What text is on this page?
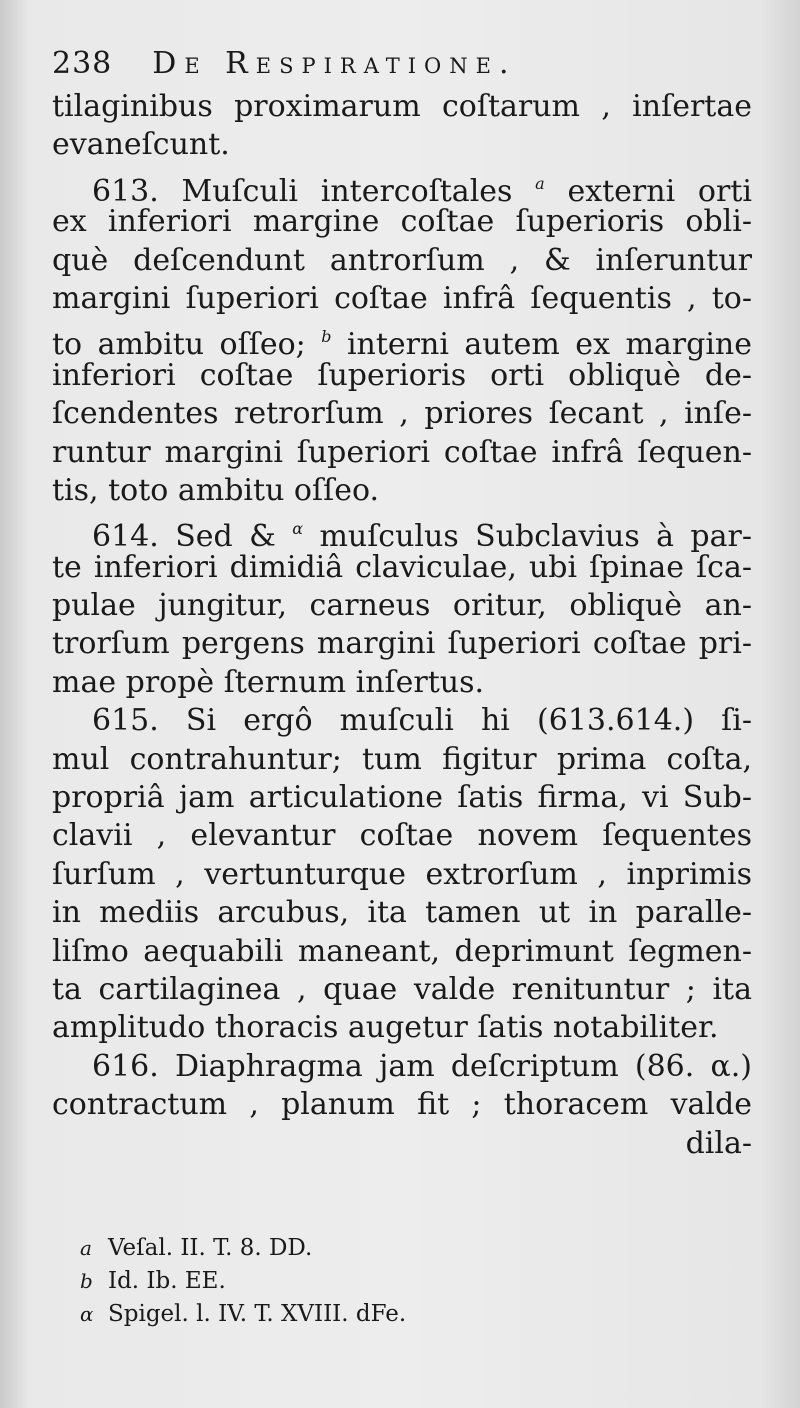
238 De Respiratione.
tilaginibus proximarum coſtarum , inſertae
evaneſcunt.
613. Muſculi intercoſtales $^a$ externi orti
ex inferiori margine coſtae ſuperioris obli-
què deſcendunt antrorſum , & inſeruntur
margini ſuperiori coſtae infrâ ſequentis , to-
to ambitu oſſeo; $^b$ interni autem ex margine
inferiori coſtae ſuperioris orti obliquè de-
ſcendentes retrorſum , priores ſecant , inſe-
runtur margini ſuperiori coſtae infrâ ſequen-
tis, toto ambitu oſſeo.
614. Sed & $^\alpha$ muſculus Subclavius à par-
te inferiori dimidiâ claviculae, ubi ſpinae ſca-
pulae jungitur, carneus oritur, obliquè an-
trorſum pergens margini ſuperiori coſtae pri-
mae propè ſternum inſertus.
615. Si ergô muſculi hi (613.614.) ſi-
mul contrahuntur; tum figitur prima coſta,
propriâ jam articulatione ſatis firma, vi Sub-
clavii , elevantur coſtae novem ſequentes
ſurſum , vertunturque extrorſum , inprimis
in mediis arcubus, ita tamen ut in paralle-
liſmo aequabili maneant, deprimunt ſegmen-
ta cartilaginea , quae valde renituntur ; ita
amplitudo thoracis augetur ſatis notabiliter.
616. Diaphragma jam deſcriptum (86. α.)
contractum , planum fit ; thoracem valde
dila-
a Veſal. II. T. 8. DD.
b Id. Ib. EE.
α Spigel. l. IV. T. XVIII. dFe.
